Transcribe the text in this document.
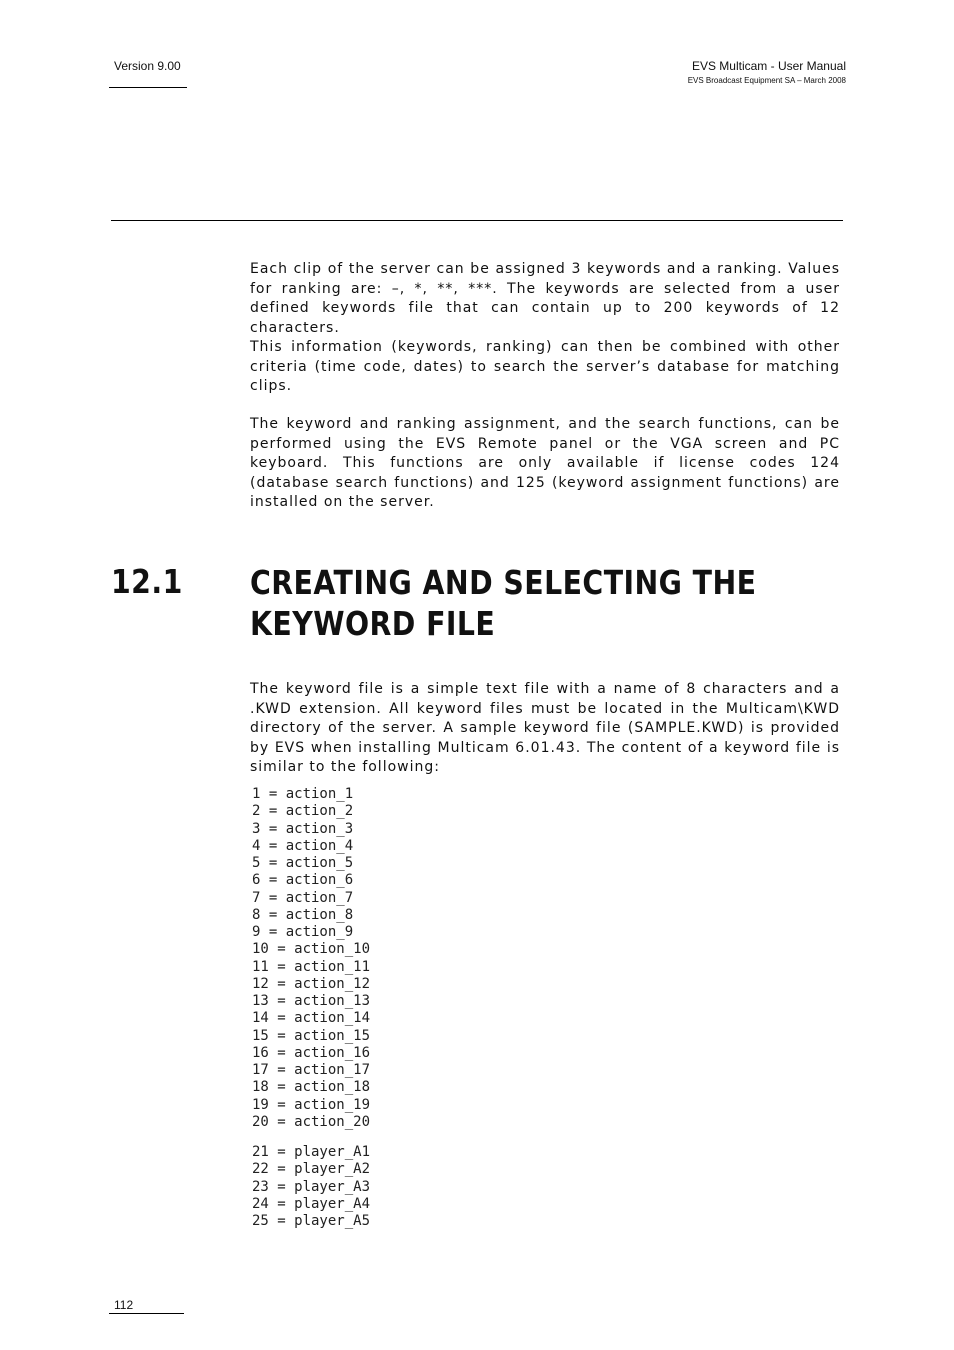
Version 9.00	EVS Multicam - User Manual
EVS Broadcast Equipment SA – March 2008

Each clip of the server can be assigned 3 keywords and a ranking. Values for ranking are: –, *, **, ***. The keywords are selected from a user defined keywords file that can contain up to 200 keywords of 12 characters.

This information (keywords, ranking) can then be combined with other criteria (time code, dates) to search the server’s database for matching clips.

The keyword and ranking assignment, and the search functions, can be performed using the EVS Remote panel or the VGA screen and PC keyboard. This functions are only available if license codes 124 (database search functions) and 125 (keyword assignment functions) are installed on the server.

12.1 CREATING AND SELECTING THE
KEYWORD FILE

The keyword file is a simple text file with a name of 8 characters and a .KWD extension. All keyword files must be located in the Multicam\KWD directory of the server. A sample keyword file (SAMPLE.KWD) is provided by EVS when installing Multicam 6.01.43. The content of a keyword file is similar to the following:

1 = action_1
2 = action_2
3 = action_3
4 = action_4
5 = action_5
6 = action_6
7 = action_7
8 = action_8
9 = action_9
10 = action_10
11 = action_11
12 = action_12
13 = action_13
14 = action_14
15 = action_15
16 = action_16
17 = action_17
18 = action_18
19 = action_19
20 = action_20
21 = player_A1
22 = player_A2
23 = player_A3
24 = player_A4
25 = player_A5
112
